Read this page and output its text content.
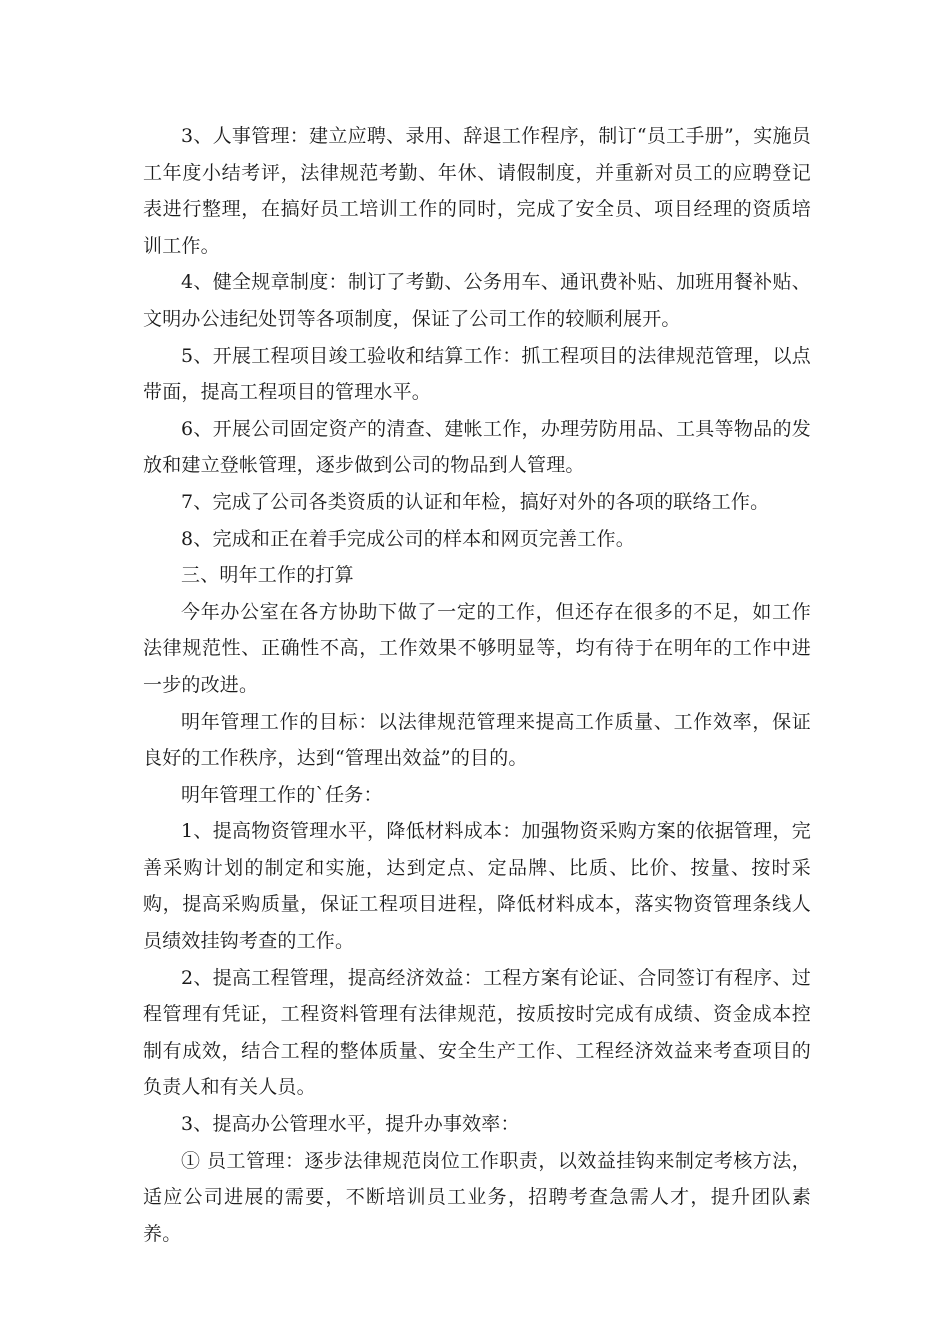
3、人事管理：建立应聘、录用、辞退工作程序，制订“员工手册”，实施员工年度小结考评，法律规范考勤、年休、请假制度，并重新对员工的应聘登记表进行整理，在搞好员工培训工作的同时，完成了安全员、项目经理的资质培训工作。

4、健全规章制度：制订了考勤、公务用车、通讯费补贴、加班用餐补贴、文明办公违纪处罚等各项制度，保证了公司工作的较顺利展开。

5、开展工程项目竣工验收和结算工作：抓工程项目的法律规范管理，以点带面，提高工程项目的管理水平。

6、开展公司固定资产的清查、建帐工作，办理劳防用品、工具等物品的发放和建立登帐管理，逐步做到公司的物品到人管理。

7、完成了公司各类资质的认证和年检，搞好对外的各项的联络工作。

8、完成和正在着手完成公司的样本和网页完善工作。

三、明年工作的打算

今年办公室在各方协助下做了一定的工作，但还存在很多的不足，如工作法律规范性、正确性不高，工作效果不够明显等，均有待于在明年的工作中进一步的改进。

明年管理工作的目标：以法律规范管理来提高工作质量、工作效率，保证良好的工作秩序，达到“管理出效益”的目的。

明年管理工作的`任务：

1、提高物资管理水平，降低材料成本：加强物资采购方案的依据管理，完善采购计划的制定和实施，达到定点、定品牌、比质、比价、按量、按时采购，提高采购质量，保证工程项目进程，降低材料成本，落实物资管理条线人员绩效挂钩考查的工作。

2、提高工程管理，提高经济效益：工程方案有论证、合同签订有程序、过程管理有凭证，工程资料管理有法律规范，按质按时完成有成绩、资金成本控制有成效，结合工程的整体质量、安全生产工作、工程经济效益来考查项目的负责人和有关人员。

3、提高办公管理水平，提升办事效率：

① 员工管理：逐步法律规范岗位工作职责，以效益挂钩来制定考核方法，适应公司进展的需要，不断培训员工业务，招聘考查急需人才，提升团队素养。
